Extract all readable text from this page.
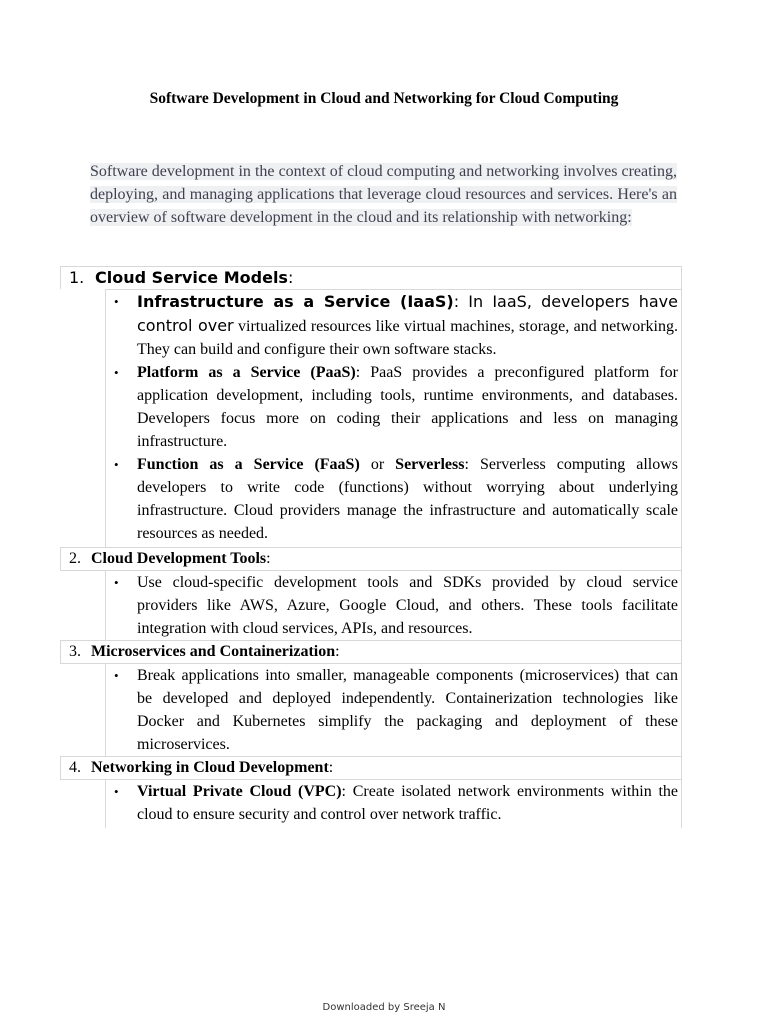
Software Development in Cloud and Networking for Cloud Computing
Software development in the context of cloud computing and networking involves creating, deploying, and managing applications that leverage cloud resources and services. Here's an overview of software development in the cloud and its relationship with networking:
1. Cloud Service Models:
• Infrastructure as a Service (IaaS): In IaaS, developers have control over virtualized resources like virtual machines, storage, and networking. They can build and configure their own software stacks.
• Platform as a Service (PaaS): PaaS provides a preconfigured platform for application development, including tools, runtime environments, and databases. Developers focus more on coding their applications and less on managing infrastructure.
• Function as a Service (FaaS) or Serverless: Serverless computing allows developers to write code (functions) without worrying about underlying infrastructure. Cloud providers manage the infrastructure and automatically scale resources as needed.
2. Cloud Development Tools:
• Use cloud-specific development tools and SDKs provided by cloud service providers like AWS, Azure, Google Cloud, and others. These tools facilitate integration with cloud services, APIs, and resources.
3. Microservices and Containerization:
• Break applications into smaller, manageable components (microservices) that can be developed and deployed independently. Containerization technologies like Docker and Kubernetes simplify the packaging and deployment of these microservices.
4. Networking in Cloud Development:
• Virtual Private Cloud (VPC): Create isolated network environments within the cloud to ensure security and control over network traffic.
Downloaded by Sreeja N
